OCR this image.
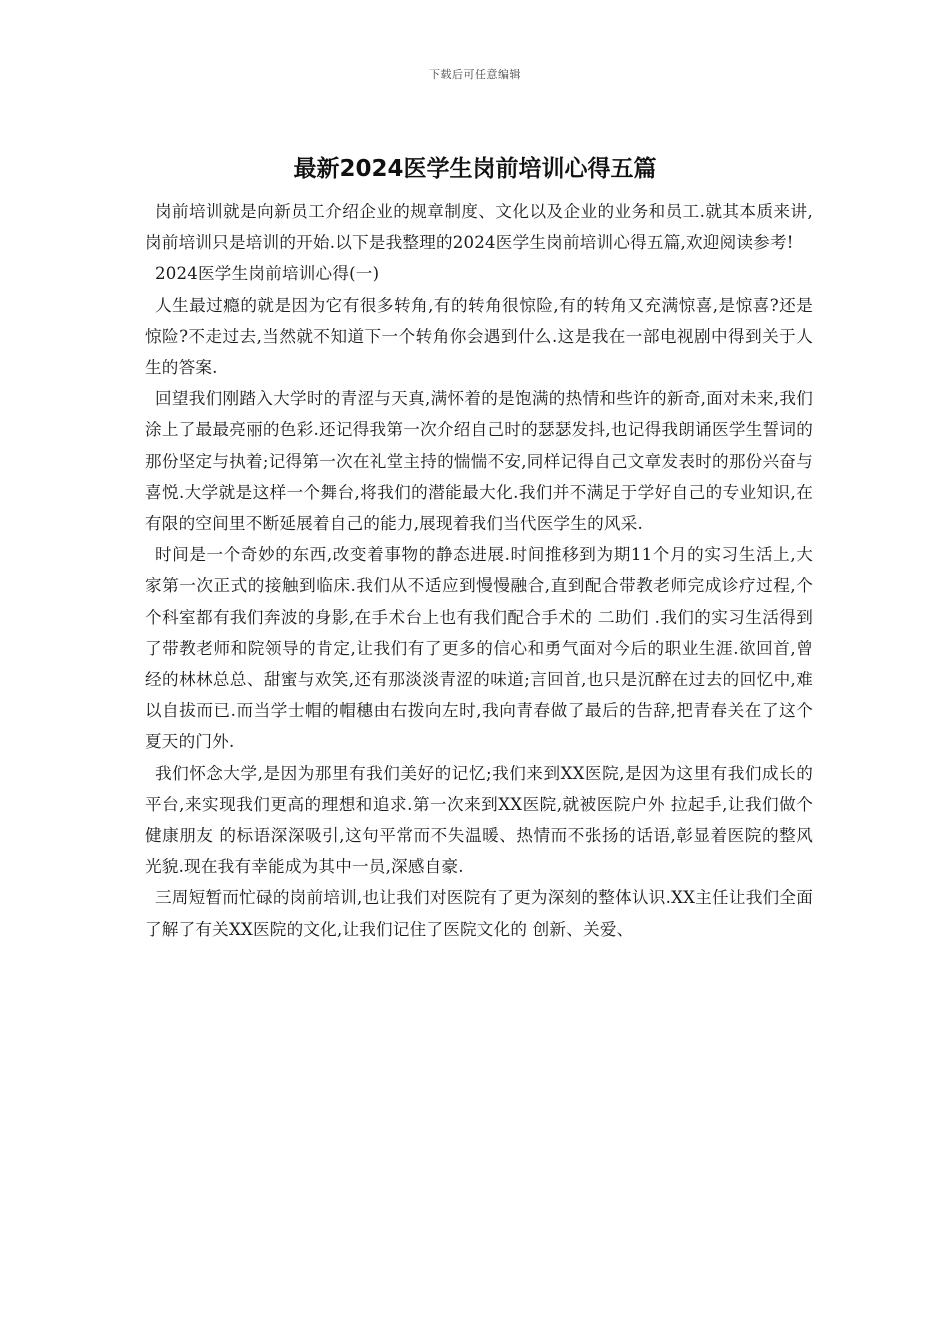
下载后可任意编辑
最新2024医学生岗前培训心得五篇

岗前培训就是向新员工介绍企业的规章制度、文化以及企业的业务和员工.就其本质来讲,岗前培训只是培训的开始.以下是我整理的2024医学生岗前培训心得五篇,欢迎阅读参考!

2024医学生岗前培训心得(一)

人生最过瘾的就是因为它有很多转角,有的转角很惊险,有的转角又充满惊喜,是惊喜?还是惊险?不走过去,当然就不知道下一个转角你会遇到什么.这是我在一部电视剧中得到关于人生的答案.

回望我们刚踏入大学时的青涩与天真,满怀着的是饱满的热情和些许的新奇,面对未来,我们涂上了最最亮丽的色彩.还记得我第一次介绍自己时的瑟瑟发抖,也记得我朗诵医学生誓词的那份坚定与执着;记得第一次在礼堂主持的惴惴不安,同样记得自己文章发表时的那份兴奋与喜悦.大学就是这样一个舞台,将我们的潜能最大化.我们并不满足于学好自己的专业知识,在有限的空间里不断延展着自己的能力,展现着我们当代医学生的风采.

时间是一个奇妙的东西,改变着事物的静态进展.时间推移到为期11个月的实习生活上,大家第一次正式的接触到临床.我们从不适应到慢慢融合,直到配合带教老师完成诊疗过程,个个科室都有我们奔波的身影,在手术台上也有我们配合手术的 二助们 .我们的实习生活得到了带教老师和院领导的肯定,让我们有了更多的信心和勇气面对今后的职业生涯.欲回首,曾经的林林总总、甜蜜与欢笑,还有那淡淡青涩的味道;言回首,也只是沉醉在过去的回忆中,难以自拔而已.而当学士帽的帽穗由右拨向左时,我向青春做了最后的告辞,把青春关在了这个夏天的门外.

我们怀念大学,是因为那里有我们美好的记忆;我们来到XX医院,是因为这里有我们成长的平台,来实现我们更高的理想和追求.第一次来到XX医院,就被医院户外 拉起手,让我们做个健康朋友 的标语深深吸引,这句平常而不失温暖、热情而不张扬的话语,彰显着医院的整风光貌.现在我有幸能成为其中一员,深感自豪.

三周短暂而忙碌的岗前培训,也让我们对医院有了更为深刻的整体认识.XX主任让我们全面了解了有关XX医院的文化,让我们记住了医院文化的 创新、关爱、
